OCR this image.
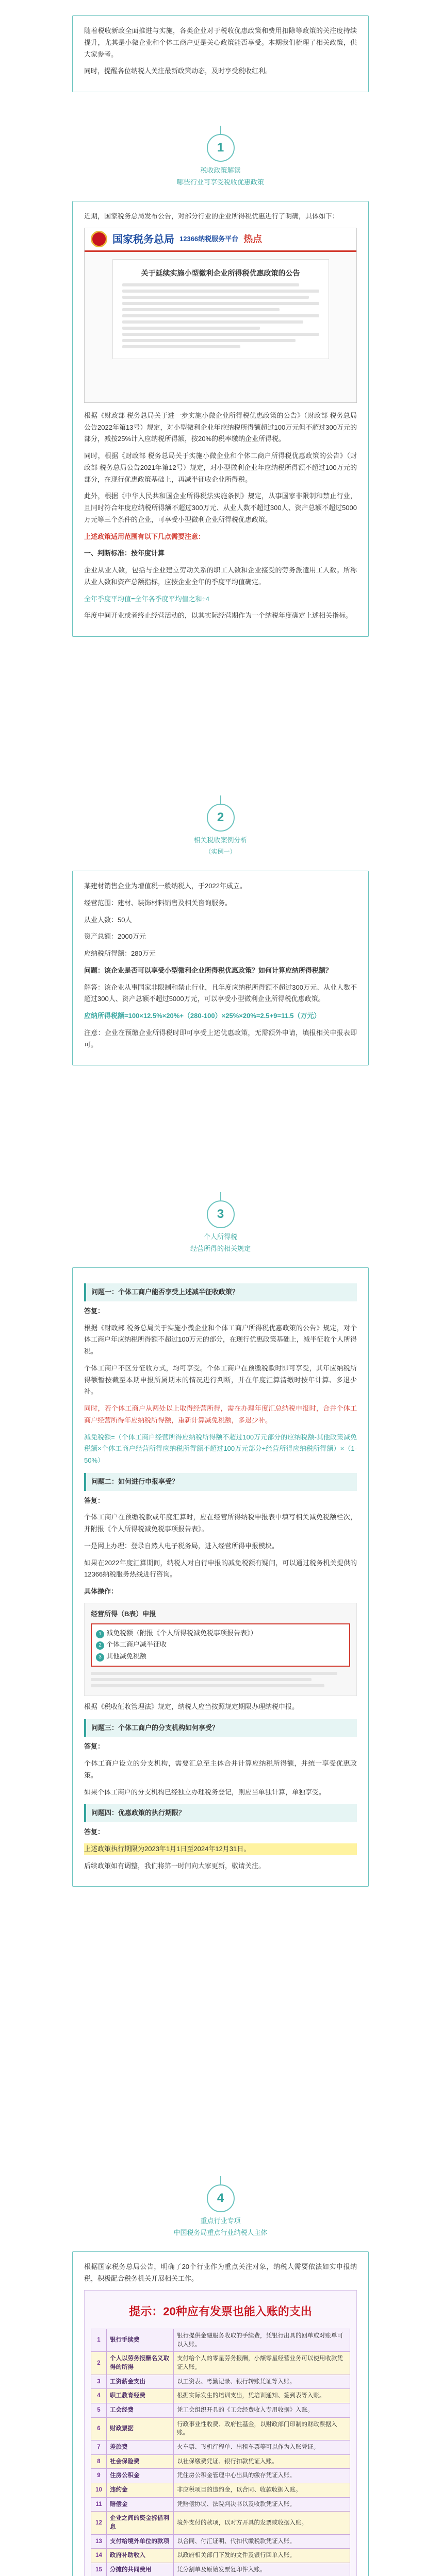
随着税收新政全面推进与实施，各类企业对于税收优惠政策和费用扣除等政策的关注度持续提升，尤其是小微企业和个体工商户更是关心政策能否享受。本期我们梳理了相关政策，供大家参考。

同时，提醒各位纳税人关注最新政策动态，及时享受税收红利。

1
税收政策解读
哪些行业可享受税收优惠政策

近期，国家税务总局发布公告，对部分行业的企业所得税优惠进行了明确，具体如下：

国家税务总局 12366纳税服务平台 热点
关于延续实施小型微利企业所得税优惠政策的公告

根据《财政部 税务总局关于进一步实施小微企业所得税优惠政策的公告》（财政部 税务总局公告2022年第13号）规定，对小型微利企业年应纳税所得额超过100万元但不超过300万元的部分，减按25%计入应纳税所得额，按20%的税率缴纳企业所得税。

同时，根据《财政部 税务总局关于实施小微企业和个体工商户所得税优惠政策的公告》（财政部 税务总局公告2021年第12号）规定，对小型微利企业年应纳税所得额不超过100万元的部分，在现行优惠政策基础上，再减半征收企业所得税。

此外，根据《中华人民共和国企业所得税法实施条例》规定，从事国家非限制和禁止行业，且同时符合年度应纳税所得额不超过300万元、从业人数不超过300人、资产总额不超过5000万元等三个条件的企业，可享受小型微利企业所得税优惠政策。

上述政策适用范围有以下几点需要注意：

一、判断标准：按年度计算

企业从业人数，包括与企业建立劳动关系的职工人数和企业接受的劳务派遣用工人数。所称从业人数和资产总额指标，应按企业全年的季度平均值确定。

全年季度平均值=全年各季度平均值之和÷4

年度中间开业或者终止经营活动的，以其实际经营期作为一个纳税年度确定上述相关指标。

2
相关税收案例分析
（实例一）

某建材销售企业为增值税一般纳税人，于2022年成立。

经营范围：建材、装饰材料销售及相关咨询服务。

从业人数：50人

资产总额：2000万元

应纳税所得额：280万元

问题：该企业是否可以享受小型微利企业所得税优惠政策？如何计算应纳所得税额？

解答：该企业从事国家非限制和禁止行业，且年度应纳税所得额不超过300万元、从业人数不超过300人、资产总额不超过5000万元，可以享受小型微利企业所得税优惠政策。

应纳所得税额=100×12.5%×20%+（280-100）×25%×20%=2.5+9=11.5（万元）

注意：企业在预缴企业所得税时即可享受上述优惠政策，无需额外申请，填报相关申报表即可。

3
个人所得税
经营所得的相关规定
问题一：个体工商户能否享受上述减半征收政策？

答复：

根据《财政部 税务总局关于实施小微企业和个体工商户所得税优惠政策的公告》规定，对个体工商户年应纳税所得额不超过100万元的部分，在现行优惠政策基础上，减半征收个人所得税。

个体工商户不区分征收方式，均可享受。个体工商户在预缴税款时即可享受，其年应纳税所得额暂按截至本期申报所属期末的情况进行判断，并在年度汇算清缴时按年计算、多退少补。

同时，若个体工商户从两处以上取得经营所得，需在办理年度汇总纳税申报时，合并个体工商户经营所得年应纳税所得额，重新计算减免税额，多退少补。

减免税额=（个体工商户经营所得应纳税所得额不超过100万元部分的应纳税额-其他政策减免税额×个体工商户经营所得应纳税所得额不超过100万元部分÷经营所得应纳税所得额）×（1-50%）

问题二：如何进行申报享受？

答复：

个体工商户在预缴税款或年度汇算时，应在经营所得纳税申报表中填写相关减免税额栏次，并附报《个人所得税减免税事项报告表》。

一是网上办理：登录自然人电子税务局，进入经营所得申报模块。

如果在2022年度汇算期间，纳税人对自行申报的减免税额有疑问，可以通过税务机关提供的12366纳税服务热线进行咨询。

具体操作：

经营所得（B表）申报
1 减免税额（附报《个人所得税减免税事项报告表》）
2 个体工商户减半征收
3 其他减免税额

根据《税收征收管理法》规定，纳税人应当按照规定期限办理纳税申报。

问题三：个体工商户的分支机构如何享受？

答复：

个体工商户设立的分支机构，需要汇总至主体合并计算应纳税所得额，并统一享受优惠政策。

如果个体工商户的分支机构已经独立办理税务登记，则应当单独计算，单独享受。

问题四：优惠政策的执行期限？

答复：

上述政策执行期限为2023年1月1日至2024年12月31日。

后续政策如有调整，我们将第一时间向大家更新，敬请关注。

4
重点行业专项
中国税务局重点行业纳税人主体

根据国家税务总局公告，明确了20个行业作为重点关注对象，纳税人需要依法如实申报纳税，积极配合税务机关开展相关工作。

提示：20种应有发票也能入账的支出
1	银行手续费	银行提供金融服务收取的手续费，凭银行出具的回单或对账单可以入账。
2	个人以劳务报酬名义取得的所得	支付给个人的零星劳务报酬，小额零星经营业务可以使用收款凭证入账。
3	工资薪金支出	以工资表、考勤记录、银行转账凭证等入账。
4	职工教育经费	根据实际发生的培训支出，凭培训通知、签到表等入账。
5	工会经费	凭工会组织开具的《工会经费收入专用收据》入账。
6	财政票据	行政事业性收费、政府性基金，以财政部门印制的财政票据入账。
7	差旅费	火车票、飞机行程单、出租车票等可以作为入账凭证。
8	社会保险费	以社保缴费凭证、银行扣款凭证入账。
9	住房公积金	凭住房公积金管理中心出具的缴存凭证入账。
10	违约金	非应税项目的违约金，以合同、收款收据入账。
11	赔偿金	凭赔偿协议、法院判决书以及收款凭证入账。
12	企业之间的资金拆借利息	境外支付的款项，以对方开具的发票或收据入账。
13	支付给境外单位的款项	以合同、付汇证明、代扣代缴税款凭证入账。
14	政府补助收入	以政府相关部门下发的文件及银行回单入账。
15	分摊的共同费用	凭分割单及原始发票复印件入账。
